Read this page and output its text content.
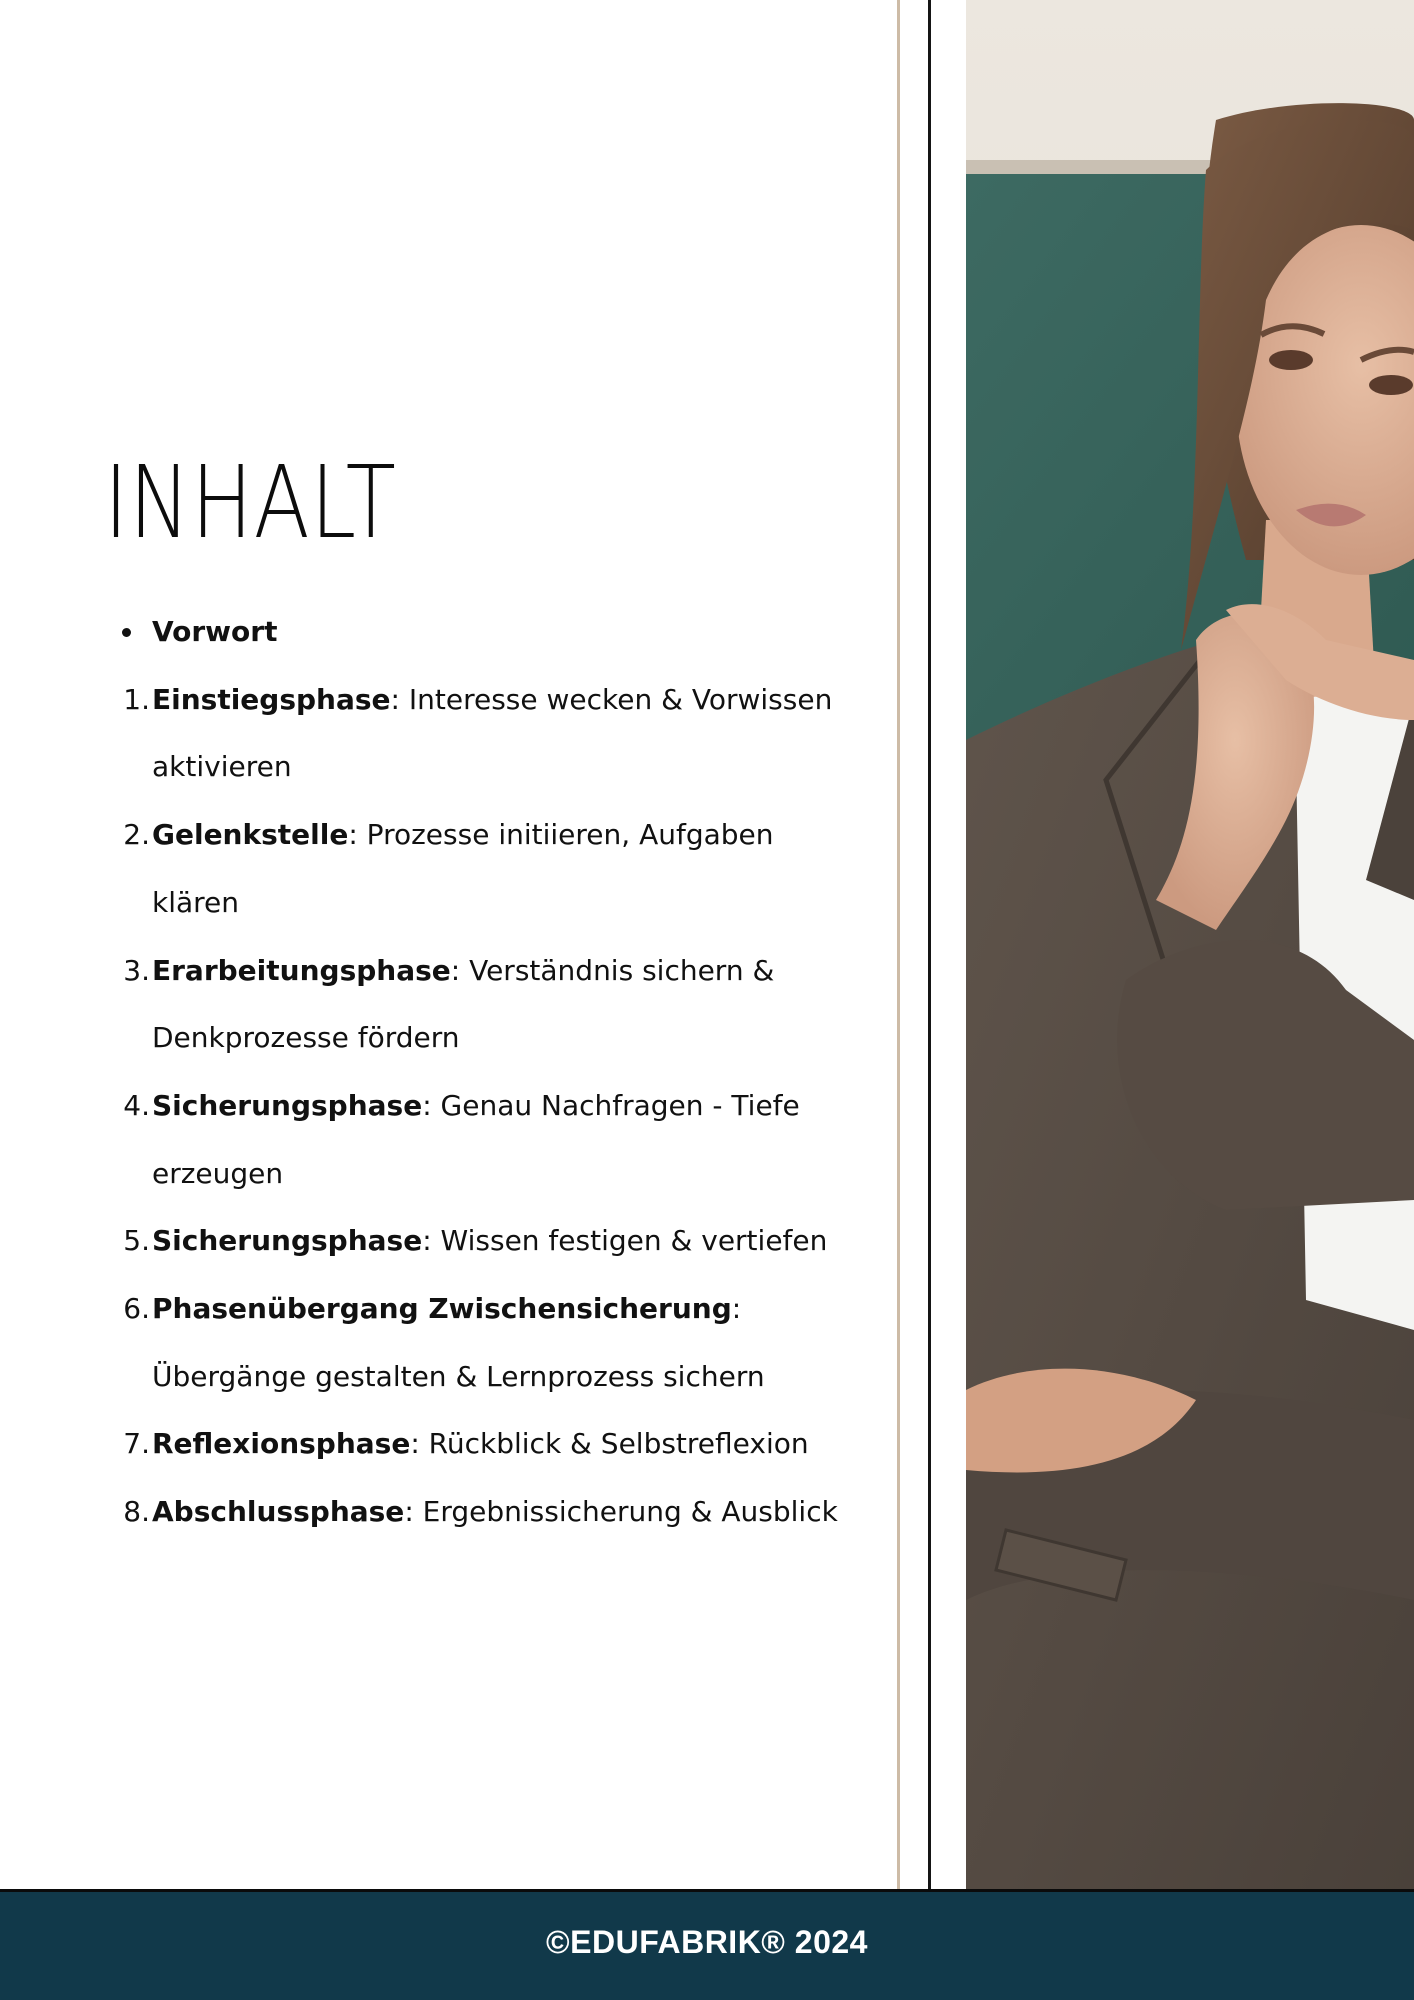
INHALT
Vorwort
1. Einstiegsphase: Interesse wecken & Vorwissen
aktivieren
2. Gelenkstelle: Prozesse initiieren, Aufgaben
klären
3. Erarbeitungsphase: Verständnis sichern &
Denkprozesse fördern
4. Sicherungsphase: Genau Nachfragen - Tiefe
erzeugen
5. Sicherungsphase: Wissen festigen & vertiefen
6. Phasenübergang Zwischensicherung:
Übergänge gestalten & Lernprozess sichern
7. Reflexionsphase: Rückblick & Selbstreflexion
8. Abschlussphase: Ergebnissicherung & Ausblick
©EDUFABRIK® 2024
